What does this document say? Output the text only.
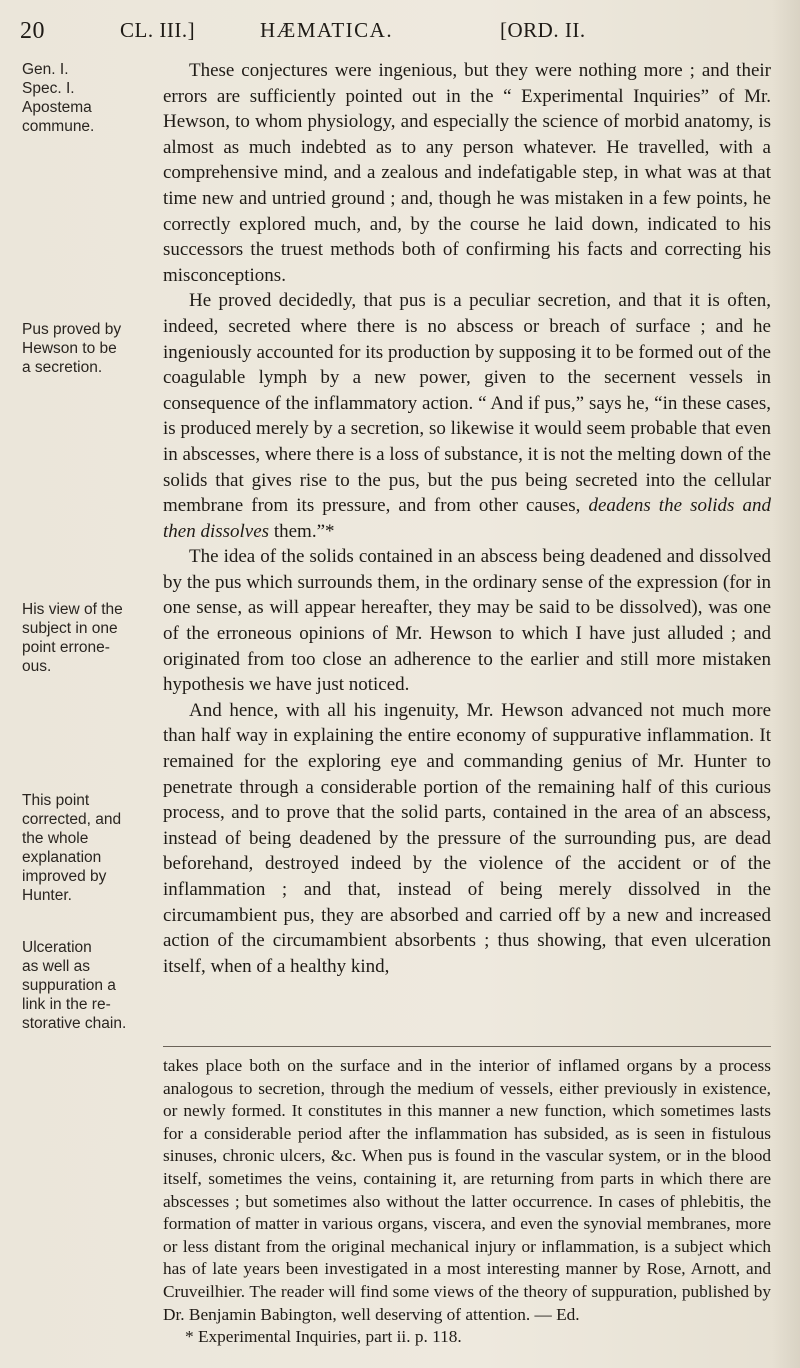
20	CL. III.]	HÆMATICA.	[ORD. II.
Gen. I.
Spec. I.
Apostema
commune.
Pus proved by
Hewson to be
a secretion.
His view of the
subject in one
point errone-
ous.
This point
corrected, and
the whole
explanation
improved by
Hunter.
Ulceration
as well as
suppuration a
link in the re-
storative chain.

These conjectures were ingenious, but they were nothing more ; and their errors are sufficiently pointed out in the “ Experimental Inquiries” of Mr. Hewson, to whom physiology, and especially the science of morbid anatomy, is almost as much indebted as to any person whatever. He travelled, with a comprehensive mind, and a zealous and indefatigable step, in what was at that time new and untried ground ; and, though he was mistaken in a few points, he correctly explored much, and, by the course he laid down, indicated to his successors the truest methods both of confirming his facts and correcting his misconceptions.

He proved decidedly, that pus is a peculiar secretion, and that it is often, indeed, secreted where there is no abscess or breach of surface ; and he ingeniously accounted for its production by supposing it to be formed out of the coagulable lymph by a new power, given to the secernent vessels in consequence of the inflammatory action. “ And if pus,” says he, “in these cases, is produced merely by a secretion, so likewise it would seem probable that even in abscesses, where there is a loss of substance, it is not the melting down of the solids that gives rise to the pus, but the pus being secreted into the cellular membrane from its pressure, and from other causes, deadens the solids and then dissolves them.”*

The idea of the solids contained in an abscess being deadened and dissolved by the pus which surrounds them, in the ordinary sense of the expression (for in one sense, as will appear hereafter, they may be said to be dissolved), was one of the erroneous opinions of Mr. Hewson to which I have just alluded ; and originated from too close an adherence to the earlier and still more mistaken hypothesis we have just noticed.

And hence, with all his ingenuity, Mr. Hewson advanced not much more than half way in explaining the entire economy of suppurative inflammation. It remained for the exploring eye and commanding genius of Mr. Hunter to penetrate through a considerable portion of the remaining half of this curious process, and to prove that the solid parts, contained in the area of an abscess, instead of being deadened by the pressure of the surrounding pus, are dead beforehand, destroyed indeed by the violence of the accident or of the inflammation ; and that, instead of being merely dissolved in the circumambient pus, they are absorbed and carried off by a new and increased action of the circumambient absorbents ; thus showing, that even ulceration itself, when of a healthy kind,

takes place both on the surface and in the interior of inflamed organs by a process analogous to secretion, through the medium of vessels, either previously in existence, or newly formed. It constitutes in this manner a new function, which sometimes lasts for a considerable period after the inflammation has subsided, as is seen in fistulous sinuses, chronic ulcers, &c. When pus is found in the vascular system, or in the blood itself, sometimes the veins, containing it, are returning from parts in which there are abscesses ; but sometimes also without the latter occurrence. In cases of phlebitis, the formation of matter in various organs, viscera, and even the synovial membranes, more or less distant from the original mechanical injury or inflammation, is a subject which has of late years been investigated in a most interesting manner by Rose, Arnott, and Cruveilhier. The reader will find some views of the theory of suppuration, published by Dr. Benjamin Babington, well deserving of attention. — Ed.

* Experimental Inquiries, part ii. p. 118.
